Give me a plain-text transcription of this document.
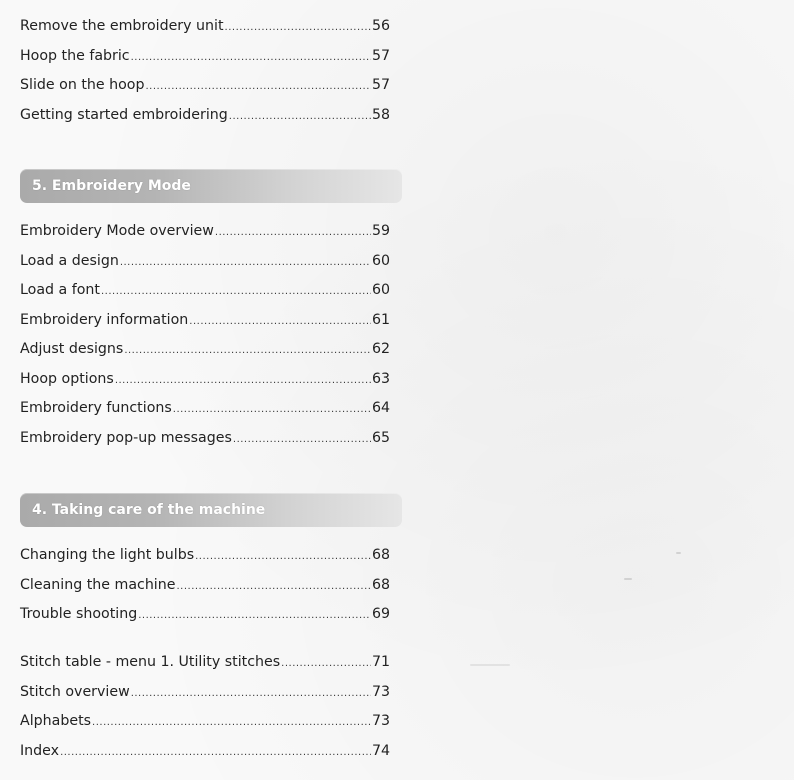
Remove the embroidery unit .....	56
Hoop the fabric .....	57
Slide on the hoop .....	57
Getting started embroidering .....	58
5. Embroidery Mode
Embroidery Mode overview .....	59
Load a design .....	60
Load a font .....	60
Embroidery information .....	61
Adjust designs .....	62
Hoop options .....	63
Embroidery functions .....	64
Embroidery pop-up messages .....	65
4. Taking care of the machine
Changing the light bulbs .....	68
Cleaning the machine .....	68
Trouble shooting .....	69
Stitch table - menu 1. Utility stitches .....	71
Stitch overview .....	73
Alphabets .....	73
Index .....	74
